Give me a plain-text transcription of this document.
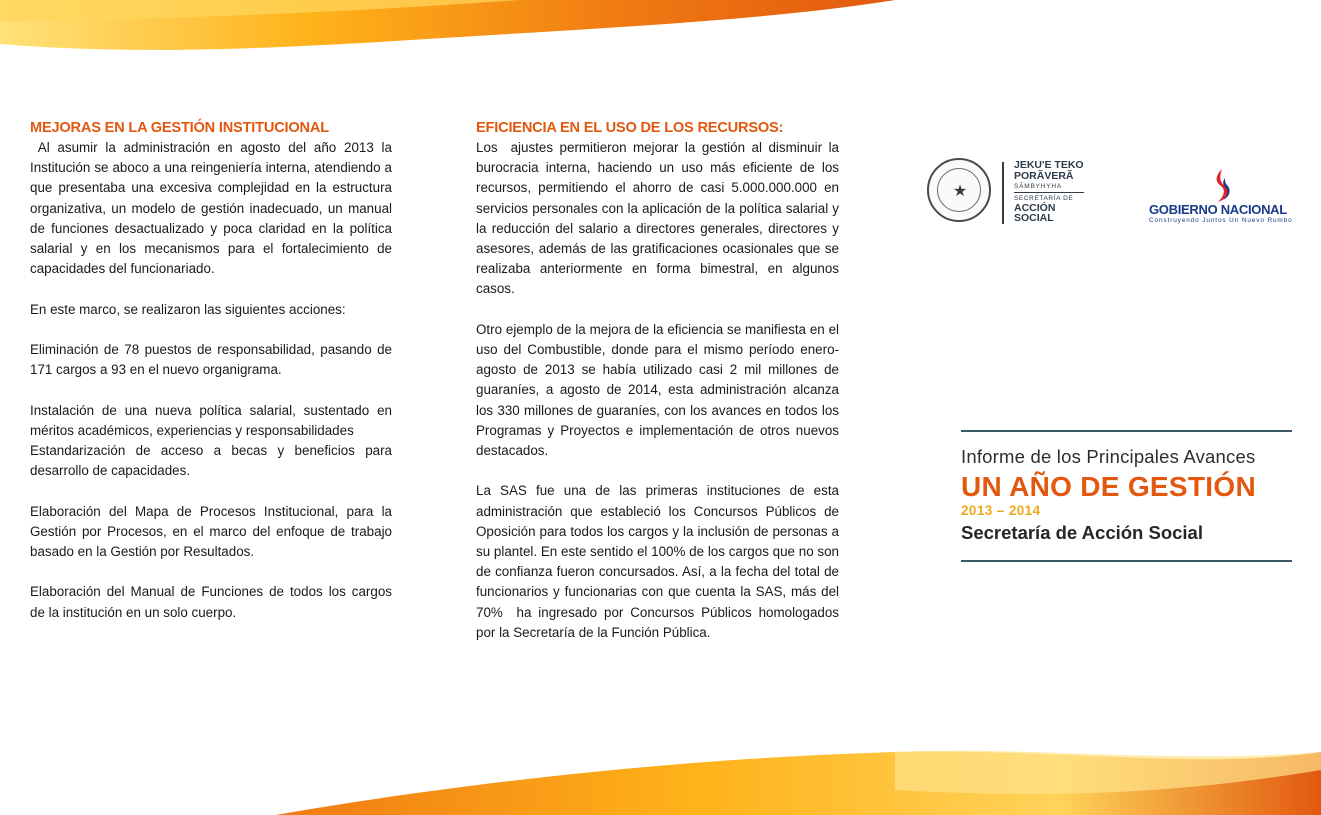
MEJORAS EN LA GESTIÓN INSTITUCIONAL

Al asumir la administración en agosto del año 2013 la Institución se aboco a una reingeniería interna, atendiendo a que presentaba una excesiva complejidad en la estructura organizativa, un modelo de gestión inadecuado, un manual de funciones desactualizado y poca claridad en la política salarial y en los mecanismos para el fortalecimiento de capacidades del funcionariado.

En este marco, se realizaron las siguientes acciones:

Eliminación de 78 puestos de responsabilidad, pasando de 171 cargos a 93 en el nuevo organigrama.

Instalación de una nueva política salarial, sustentado en méritos académicos, experiencias y responsabilidades

Estandarización de acceso a becas y beneficios para desarrollo de capacidades.

Elaboración del Mapa de Procesos Institucional, para la Gestión por Procesos, en el marco del enfoque de trabajo basado en la Gestión por Resultados.

Elaboración del Manual de Funciones de todos los cargos de la institución en un solo cuerpo.

EFICIENCIA EN EL USO DE LOS RECURSOS:

Los  ajustes permitieron mejorar la gestión al disminuir la burocracia interna, haciendo un uso más eficiente de los recursos, permitiendo el ahorro de casi 5.000.000.000 en servicios personales con la aplicación de la política salarial y la reducción del salario a directores generales, directores y asesores, además de las gratificaciones ocasionales que se realizaba anteriormente en forma bimestral, en algunos casos.

Otro ejemplo de la mejora de la eficiencia se manifiesta en el uso del Combustible, donde para el mismo período enero-agosto de 2013 se había utilizado casi 2 mil millones de guaraníes, a agosto de 2014, esta administración alcanza los 330 millones de guaraníes, con los avances en todos los Programas y Proyectos e implementación de otros nuevos destacados.

La SAS fue una de las primeras instituciones de esta administración que estableció los Concursos Públicos de Oposición para todos los cargos y la inclusión de personas a su plantel. En este sentido el 100% de los cargos que no son de confianza fueron concursados. Así, a la fecha del total de funcionarios y funcionarias con que cuenta la SAS, más del 70%  ha ingresado por Concursos Públicos homologados por la Secretaría de la Función Pública.

★
JEKU'E TEKO
PORÃVERÃ
SÃMBYHYHA
SECRETARÍA DE
ACCIÓN
SOCIAL
GOBIERNO NACIONAL
Construyendo Juntos Un Nuevo Rumbo
Informe de los Principales Avances
UN AÑO DE GESTIÓN
2013 – 2014
Secretaría de Acción Social
